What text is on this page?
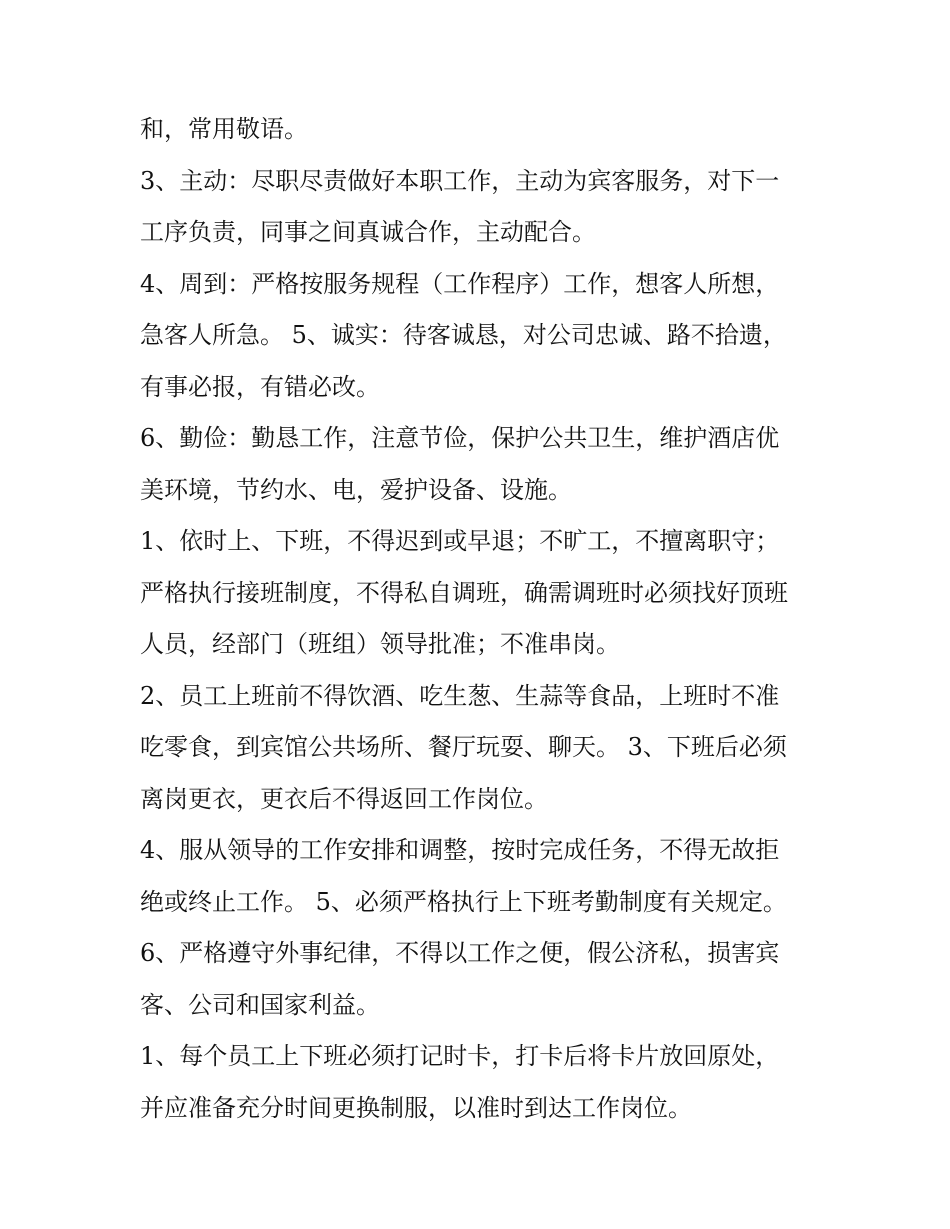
和，常用敬语。
3、主动：尽职尽责做好本职工作，主动为宾客服务，对下一
工序负责，同事之间真诚合作，主动配合。
4、周到：严格按服务规程（工作程序）工作，想客人所想，
急客人所急。 5、诚实：待客诚恳，对公司忠诚、路不拾遗，
有事必报，有错必改。
6、勤俭：勤恳工作，注意节俭，保护公共卫生，维护酒店优
美环境，节约水、电，爱护设备、设施。
1、依时上、下班，不得迟到或早退；不旷工，不擅离职守；
严格执行接班制度，不得私自调班，确需调班时必须找好顶班
人员，经部门（班组）领导批准；不准串岗。
2、员工上班前不得饮酒、吃生葱、生蒜等食品，上班时不准
吃零食，到宾馆公共场所、餐厅玩耍、聊天。 3、下班后必须
离岗更衣，更衣后不得返回工作岗位。
4、服从领导的工作安排和调整，按时完成任务，不得无故拒
绝或终止工作。 5、必须严格执行上下班考勤制度有关规定。
6、严格遵守外事纪律，不得以工作之便，假公济私，损害宾
客、公司和国家利益。
1、每个员工上下班必须打记时卡，打卡后将卡片放回原处，
并应准备充分时间更换制服，以准时到达工作岗位。
